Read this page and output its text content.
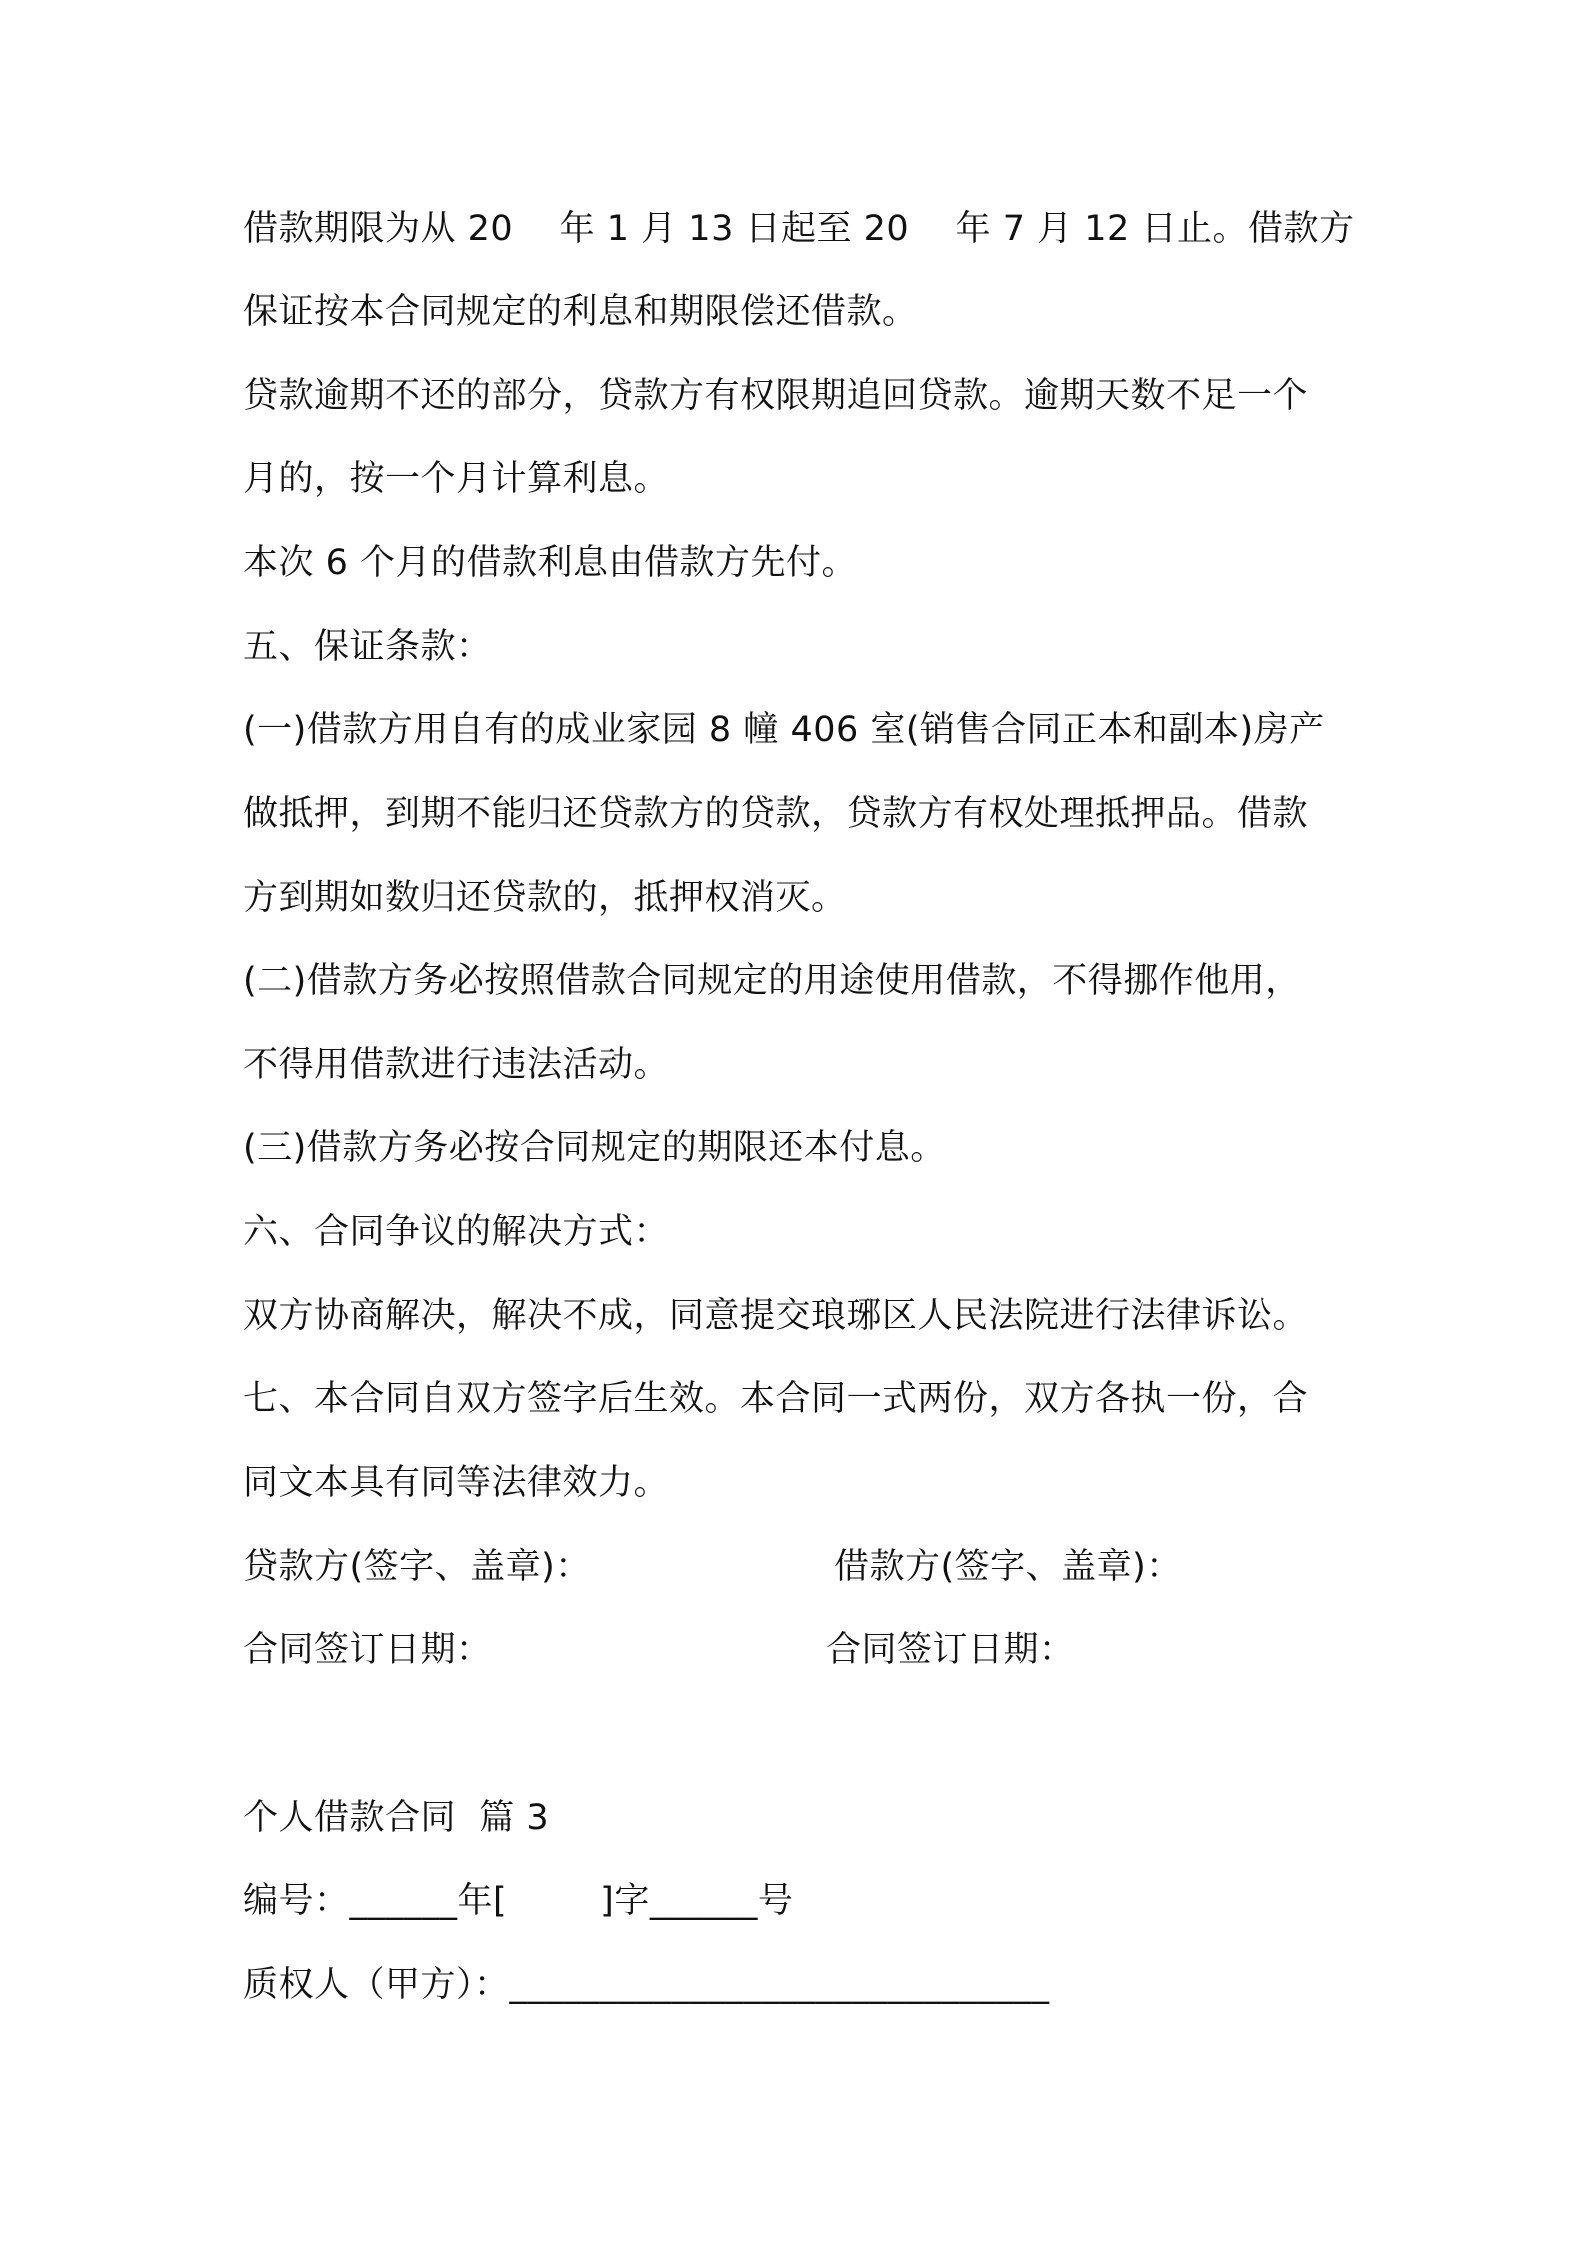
借款期限为从 20    年 1 月 13 日起至 20    年 7 月 12 日止。借款方
保证按本合同规定的利息和期限偿还借款。
贷款逾期不还的部分，贷款方有权限期追回贷款。逾期天数不足一个
月的，按一个月计算利息。
本次 6 个月的借款利息由借款方先付。
五、保证条款：
(一)借款方用自有的成业家园 8 幢 406 室(销售合同正本和副本)房产
做抵押，到期不能归还贷款方的贷款，贷款方有权处理抵押品。借款
方到期如数归还贷款的，抵押权消灭。
(二)借款方务必按照借款合同规定的用途使用借款，不得挪作他用，
不得用借款进行违法活动。
(三)借款方务必按合同规定的期限还本付息。
六、合同争议的解决方式：
双方协商解决，解决不成，同意提交琅琊区人民法院进行法律诉讼。
七、本合同自双方签字后生效。本合同一式两份，双方各执一份，合
同文本具有同等法律效力。
贷款方(签字、盖章)：	借款方(签字、盖章)：
合同签订日期：	合同签订日期：
个人借款合同  篇 3
编号：______年[        ]字______号
质权人（甲方）：______________________________
